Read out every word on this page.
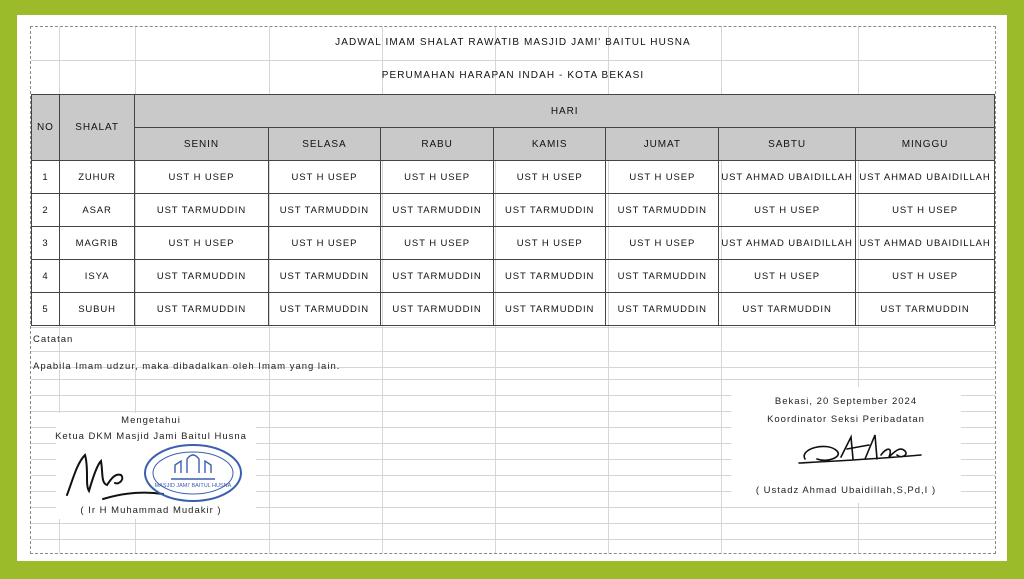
JADWAL IMAM SHALAT RAWATIB MASJID JAMI' BAITUL HUSNA
PERUMAHAN HARAPAN INDAH - KOTA BEKASI
NO	SHALAT	HARI						
		SENIN	SELASA	RABU	KAMIS	JUMAT	SABTU	MINGGU
1	ZUHUR	UST H USEP	UST H USEP	UST H USEP	UST H USEP	UST H USEP	UST AHMAD UBAIDILLAH	UST AHMAD UBAIDILLAH
2	ASAR	UST TARMUDDIN	UST TARMUDDIN	UST TARMUDDIN	UST TARMUDDIN	UST TARMUDDIN	UST H USEP	UST H USEP
3	MAGRIB	UST H USEP	UST H USEP	UST H USEP	UST H USEP	UST H USEP	UST AHMAD UBAIDILLAH	UST AHMAD UBAIDILLAH
4	ISYA	UST TARMUDDIN	UST TARMUDDIN	UST TARMUDDIN	UST TARMUDDIN	UST TARMUDDIN	UST H USEP	UST H USEP
5	SUBUH	UST TARMUDDIN	UST TARMUDDIN	UST TARMUDDIN	UST TARMUDDIN	UST TARMUDDIN	UST TARMUDDIN	UST TARMUDDIN
Catatan
Apabila Imam udzur, maka dibadalkan oleh Imam yang lain.
Mengetahui
Ketua DKM Masjid Jami Baitul Husna
MASJID JAMI' BAITUL HUSNA
( Ir H Muhammad Mudakir )
Bekasi, 20 September 2024
Koordinator Seksi Peribadatan
( Ustadz Ahmad Ubaidillah,S,Pd,I )
